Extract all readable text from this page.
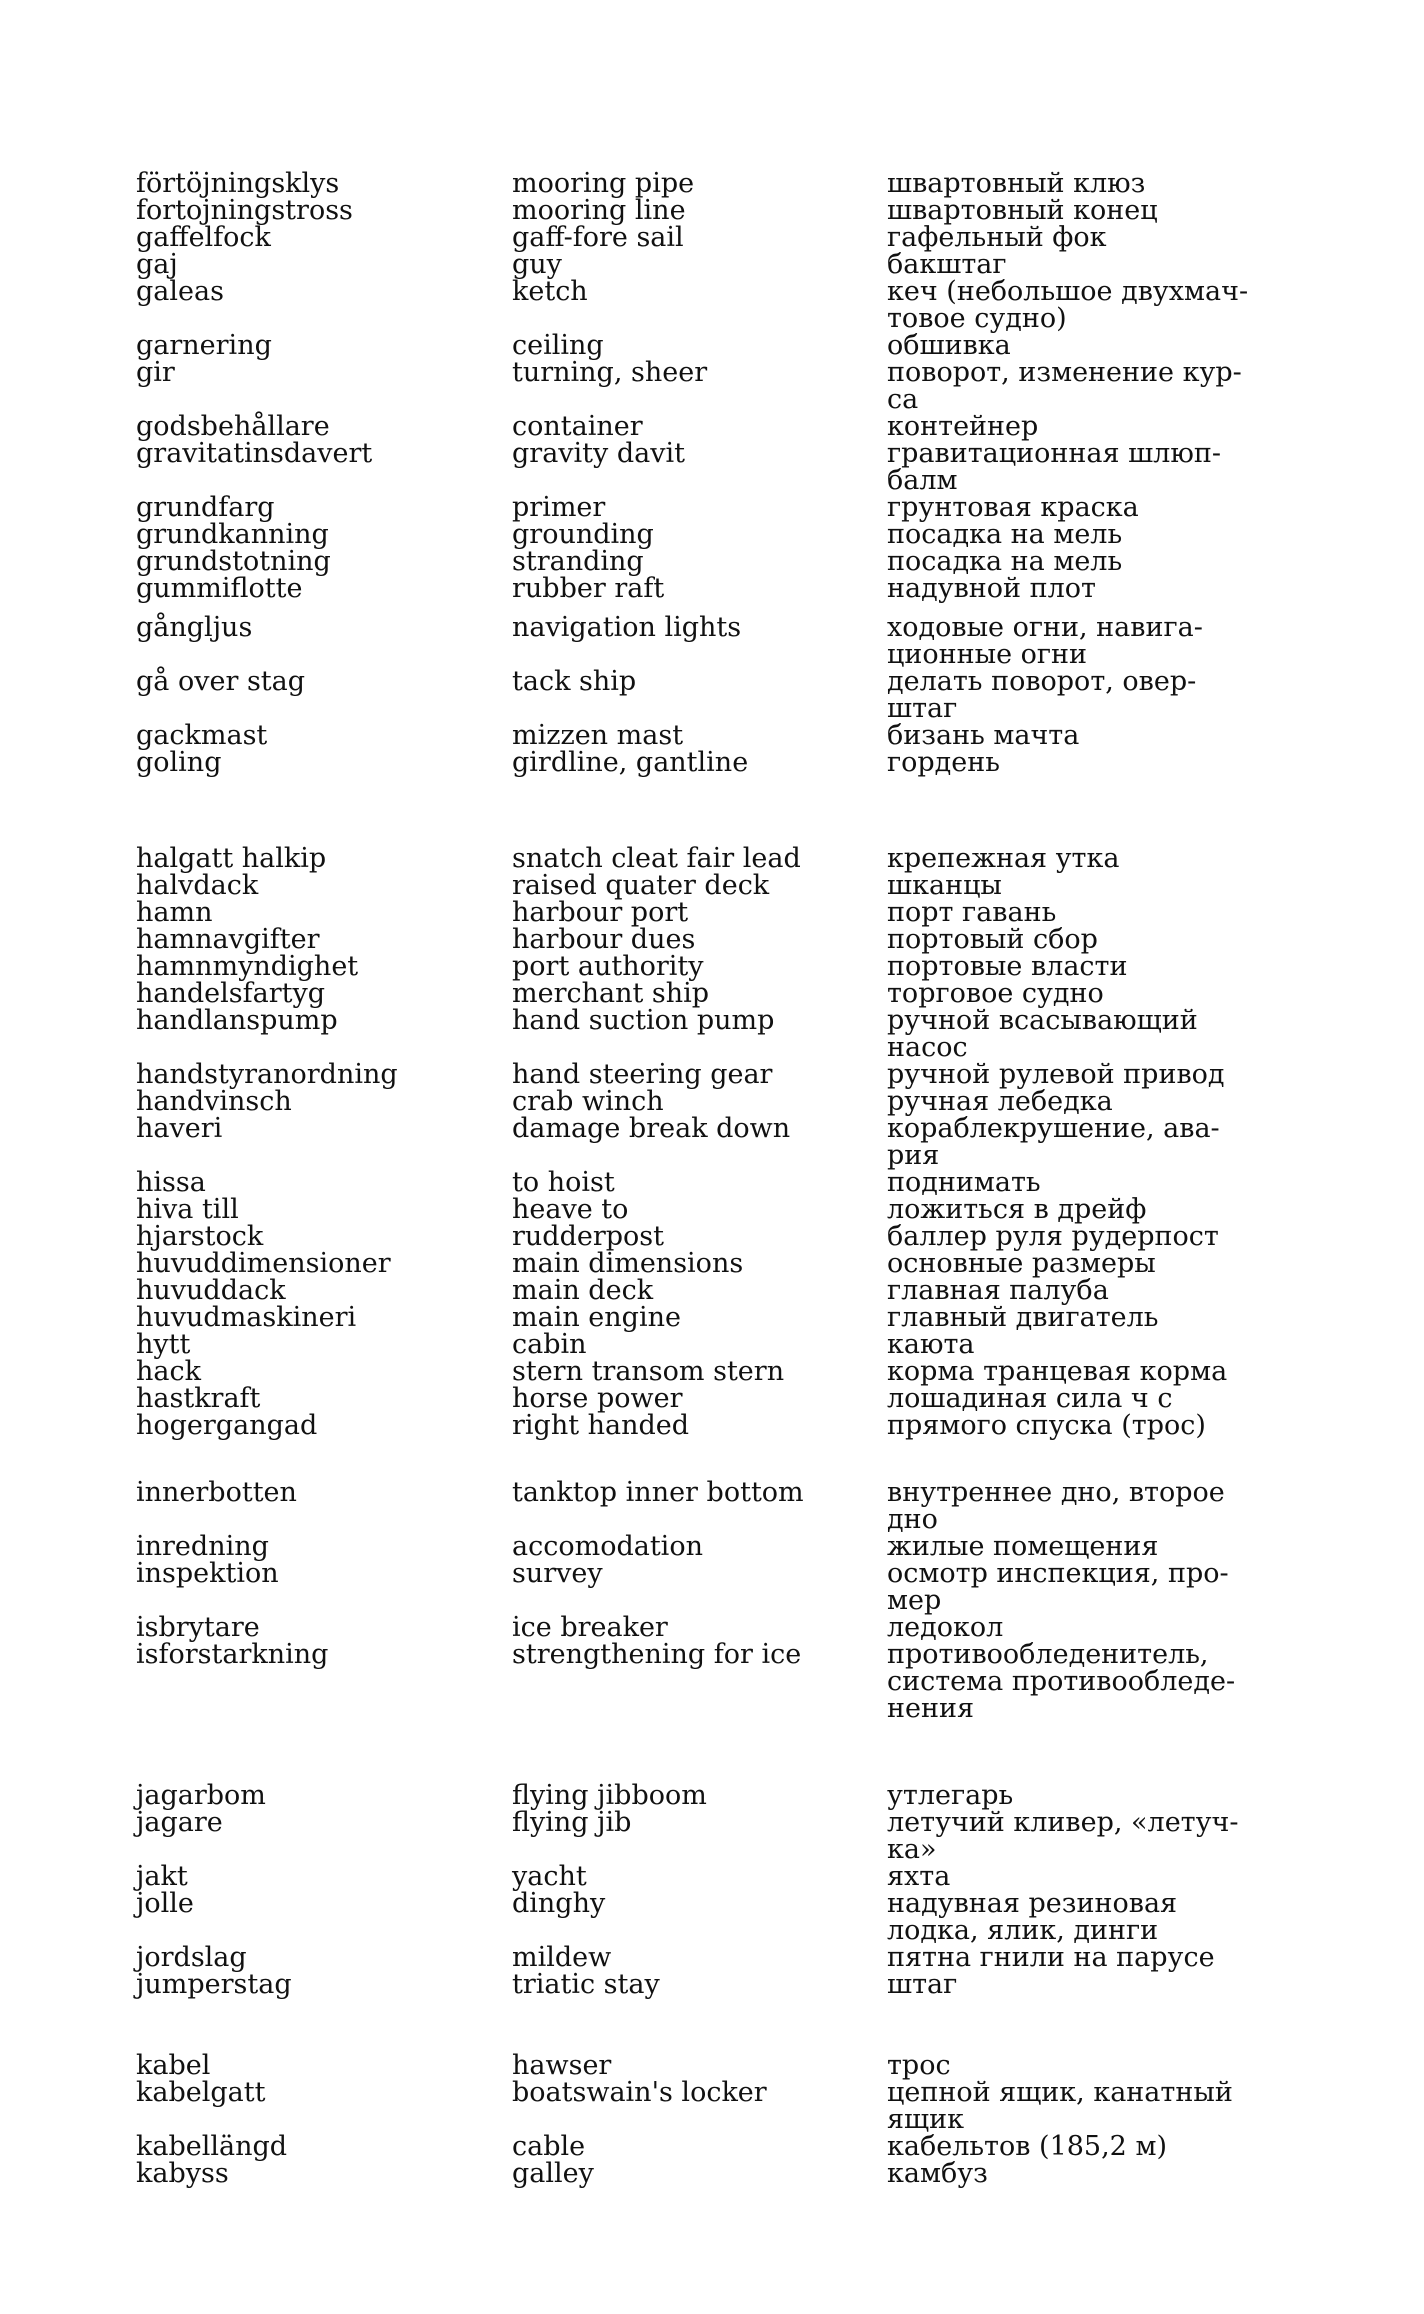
förtöjningsklys	mooring pipe	швартовный клюз
fortojningstross	mooring line	швартовный конец
gaffelfock	gaff-fore sail	гафельный фок
gaj	guy	бакштаг
galeas	ketch	кеч (небольшое двухмач-
товое судно)
garnering	ceiling	обшивка
gir	turning, sheer	поворот, изменение кур-
са
godsbehållare	container	контейнер
gravitatinsdavert	gravity davit	гравитационная шлюп-
балм
grundfarg	primer	грунтовая краска
grundkanning	grounding	посадка на мель
grundstotning	stranding	посадка на мель
gummiflotte	rubber raft	надувной плот
gångljus	navigation lights	ходовые огни, навига-
ционные огни
gå over stag	tack ship	делать поворот, овер-
штаг
gackmast	mizzen mast	бизань мачта
goling	girdline, gantline	гордень
halgatt halkip	snatch cleat fair lead	крепежная утка
halvdack	raised quater deck	шканцы
hamn	harbour port	порт гавань
hamnavgifter	harbour dues	портовый сбор
hamnmyndighet	port authority	портовые власти
handelsfartyg	merchant ship	торговое судно
handlanspump	hand suction pump	ручной всасывающий
насос
handstyranordning	hand steering gear	ручной рулевой привод
handvinsch	crab winch	ручная лебедка
haveri	damage break down	кораблекрушение, ава-
рия
hissa	to hoist	поднимать
hiva till	heave to	ложиться в дрейф
hjarstock	rudderpost	баллер руля рудерпост
huvuddimensioner	main dimensions	основные размеры
huvuddack	main deck	главная палуба
huvudmaskineri	main engine	главный двигатель
hytt	cabin	каюта
hack	stern transom stern	корма транцевая корма
hastkraft	horse power	лошадиная сила ч с
hogergangad	right handed	прямого спуска (трос)
innerbotten	tanktop inner bottom	внутреннее дно, второе
дно
inredning	accomodation	жилые помещения
inspektion	survey	осмотр инспекция, про-
мер
isbrytare	ice breaker	ледокол
isforstarkning	strengthening for ice	противообледенитель,
система противообледе-
нения
jagarbom	flying jibboom	утлегарь
jagare	flying jib	летучий кливер, «летуч-
ка»
jakt	yacht	яхта
jolle	dinghy	надувная резиновая
лодка, ялик, динги
jordslag	mildew	пятна гнили на парусе
jumperstag	triatic stay	штаг
kabel	hawser	трос
kabelgatt	boatswain's locker	цепной ящик, канатный
ящик
kabellängd	cable	кабельтов (185,2 м)
kabyss	galley	камбуз
